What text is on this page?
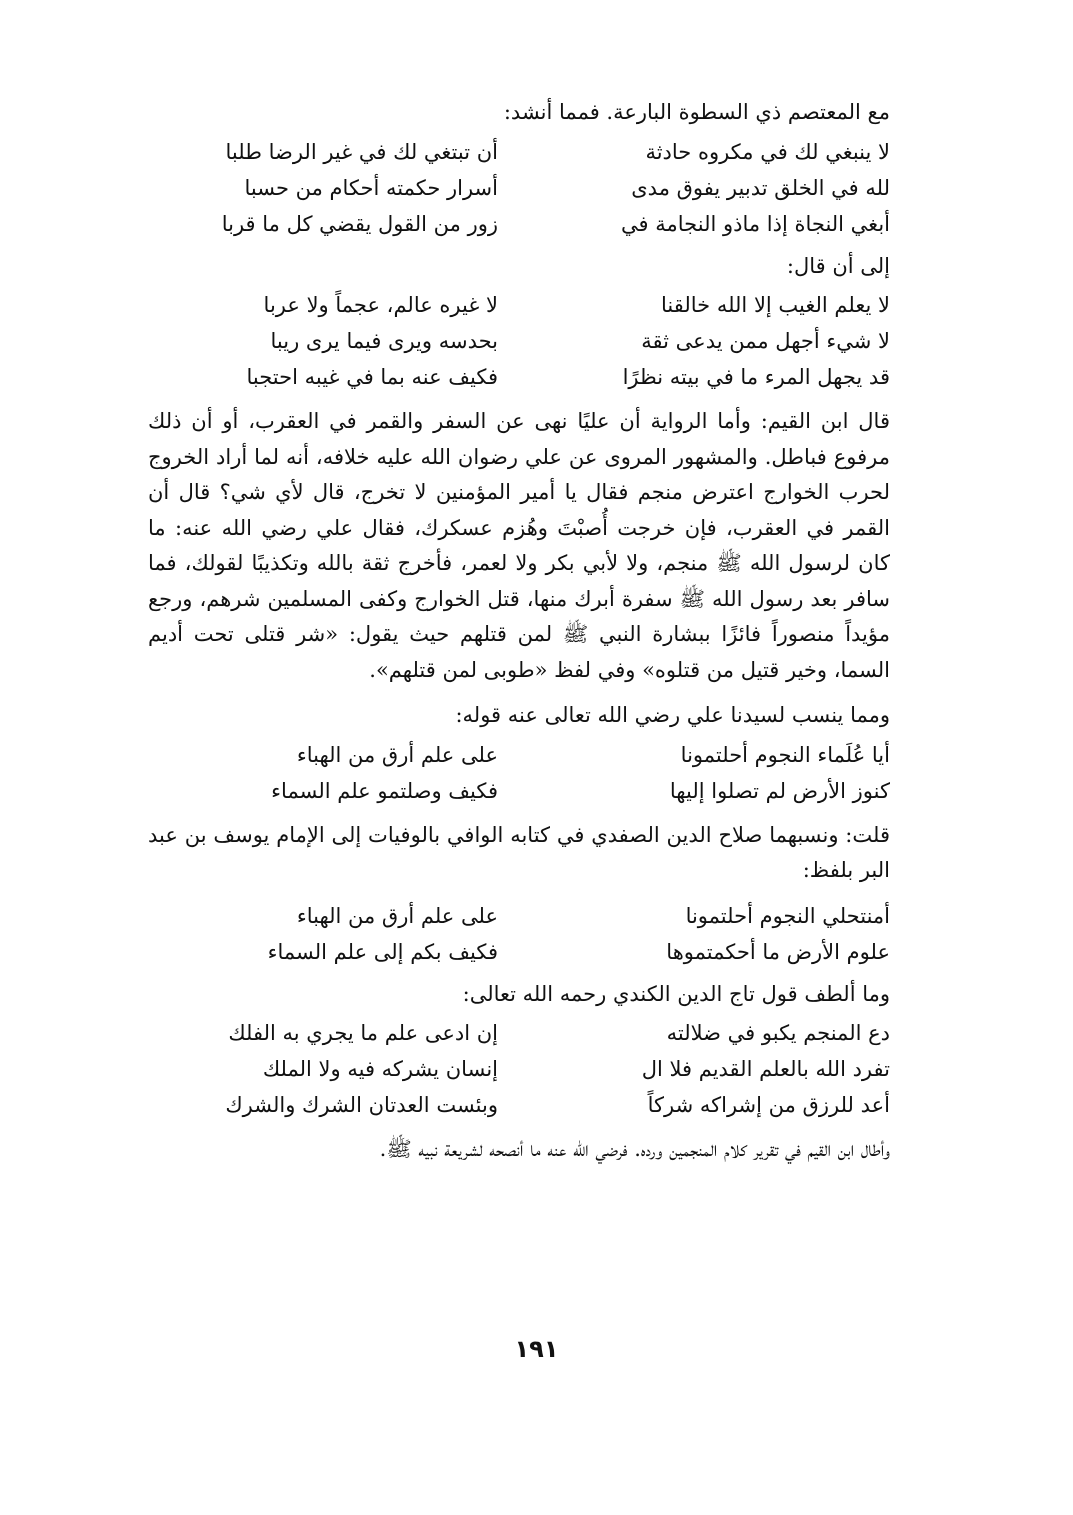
مع المعتصم ذي السطوة البارعة. فمما أنشد:

لا ينبغي لك في مكروه حادثة
أن تبتغي لك في غير الرضا طلبا
لله في الخلق تدبير يفوق مدى
أسرار حكمته أحكام من حسبا
أبغي النجاة إذا ماذو النجامة في
زور من القول يقضي كل ما قربا

إلى أن قال:

لا يعلم الغيب إلا الله خالقنا
لا غيره عالم، عجماً ولا عربا
لا شيء أجهل ممن يدعى ثقة
بحدسه ويرى فيما يرى ريبا
قد يجهل المرء ما في بيته نظرًا
فكيف عنه بما في غيبه احتجبا

قال ابن القيم: وأما الرواية أن عليًا نهى عن السفر والقمر في العقرب، أو أن ذلك مرفوع فباطل. والمشهور المروى عن علي رضوان الله عليه خلافه، أنه لما أراد الخروج لحرب الخوارج اعترض منجم فقال يا أمير المؤمنين لا تخرج، قال لأي شي؟ قال أن القمر في العقرب، فإن خرجت أُصبْتَ وهُزم عسكرك، فقال علي رضي الله عنه: ما كان لرسول الله ﷺ منجم، ولا لأبي بكر ولا لعمر، فأخرج ثقة بالله وتكذيبًا لقولك، فما سافر بعد رسول الله ﷺ سفرة أبرك منها، قتل الخوارج وكفى المسلمين شرهم، ورجع مؤيداً منصوراً فائزًا ببشارة النبي ﷺ لمن قتلهم حيث يقول: «شر قتلى تحت أديم السما، وخير قتيل من قتلوه» وفي لفظ «طوبى لمن قتلهم».

ومما ينسب لسيدنا علي رضي الله تعالى عنه قوله:

أيا عُلَماء النجوم أحلتمونا
على علم أرق من الهباء
كنوز الأرض لم تصلوا إليها
فكيف وصلتمو علم السماء

قلت: ونسبهما صلاح الدين الصفدي في كتابه الوافي بالوفيات إلى الإمام يوسف بن عبد البر بلفظ:

أمنتحلي النجوم أحلتمونا
على علم أرق من الهباء
علوم الأرض ما أحكمتموها
فكيف بكم إلى علم السماء

وما ألطف قول تاج الدين الكندي رحمه الله تعالى:

دع المنجم يكبو في ضلالته
إن ادعى علم ما يجري به الفلك
تفرد الله بالعلم القديم فلا ال
إنسان يشركه فيه ولا الملك
أعد للرزق من إشراكه شركاً
وبئست العدتان الشرك والشرك

وأطال ابن القيم في تقرير كلام المنجمين ورده. فرضي الله عنه ما أنصحه لشريعة نبيه ﷺ.

١٩١
